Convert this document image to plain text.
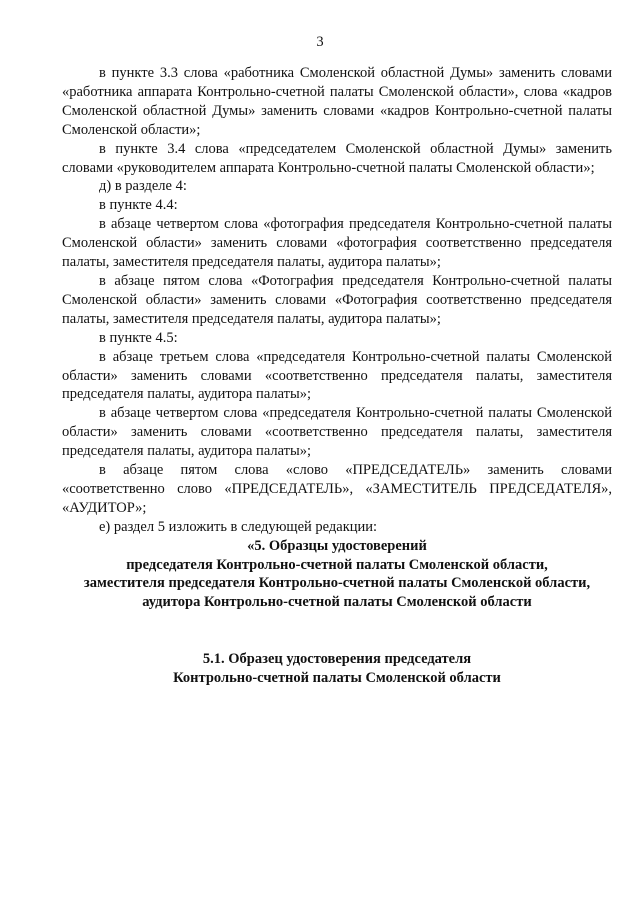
3

в пункте 3.3 слова «работника Смоленской областной Думы» заменить словами «работника аппарата Контрольно-счетной палаты Смоленской области», слова «кадров Смоленской областной Думы» заменить словами «кадров Контрольно-счетной палаты Смоленской области»;

в пункте 3.4 слова «председателем Смоленской областной Думы» заменить словами «руководителем аппарата Контрольно-счетной палаты Смоленской области»;

д) в разделе 4:

в пункте 4.4:

в абзаце четвертом слова «фотография председателя Контрольно-счетной палаты Смоленской области» заменить словами «фотография соответственно председателя палаты, заместителя председателя палаты, аудитора палаты»;

в абзаце пятом слова «Фотография председателя Контрольно-счетной палаты Смоленской области» заменить словами «Фотография соответственно председателя палаты, заместителя председателя палаты, аудитора палаты»;

в пункте 4.5:

в абзаце третьем слова «председателя Контрольно-счетной палаты Смоленской области» заменить словами «соответственно председателя палаты, заместителя председателя палаты, аудитора палаты»;

в абзаце четвертом слова «председателя Контрольно-счетной палаты Смоленской области» заменить словами «соответственно председателя палаты, заместителя председателя палаты, аудитора палаты»;

в абзаце пятом слова «слово «ПРЕДСЕДАТЕЛЬ» заменить словами «соответственно слово «ПРЕДСЕДАТЕЛЬ», «ЗАМЕСТИТЕЛЬ ПРЕДСЕДАТЕЛЯ», «АУДИТОР»;

е) раздел 5 изложить в следующей редакции:

«5. Образцы удостоверений
председателя Контрольно-счетной палаты Смоленской области,
заместителя председателя Контрольно-счетной палаты Смоленской области,
аудитора Контрольно-счетной палаты Смоленской области

5.1. Образец удостоверения председателя
Контрольно-счетной палаты Смоленской области
